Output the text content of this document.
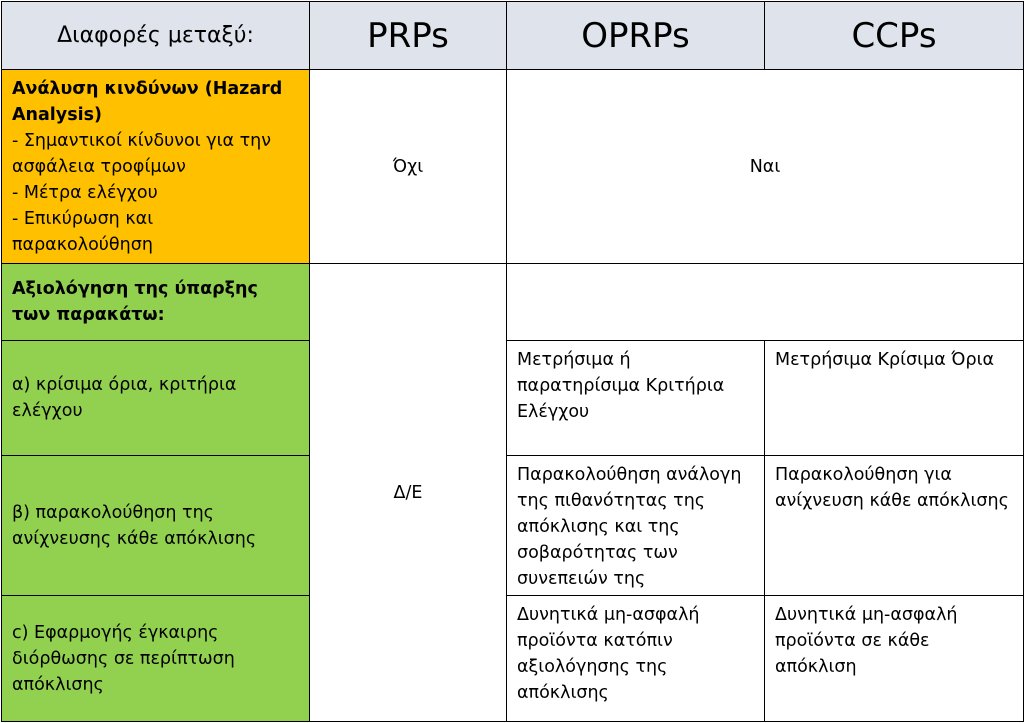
Διαφορές μεταξύ:	PRPs	OPRPs	CCPs

Ανάλυση κινδύνων (Hazard Analysis)
- Σημαντικοί κίνδυνοι για την ασφάλεια τροφίμων
- Μέτρα ελέγχου
- Επικύρωση και παρακολούθηση	Όχι	Ναι	
Αξιολόγηση της ύπαρξης των παρακάτω:	Δ/Ε		
α) κρίσιμα όρια, κριτήρια ελέγχου		Μετρήσιμα ή παρατηρίσιμα Κριτήρια Ελέγχου	Μετρήσιμα Κρίσιμα Όρια
β) παρακολούθηση της ανίχνευσης κάθε απόκλισης		Παρακολούθηση ανάλογη της πιθανότητας της απόκλισης και της σοβαρότητας των συνεπειών της	Παρακολούθηση για ανίχνευση κάθε απόκλισης
c) Εφαρμογής έγκαιρης διόρθωσης σε περίπτωση απόκλισης		Δυνητικά μη-ασφαλή προϊόντα κατόπιν αξιολόγησης της απόκλισης	Δυνητικά μη-ασφαλή προϊόντα σε κάθε απόκλιση
